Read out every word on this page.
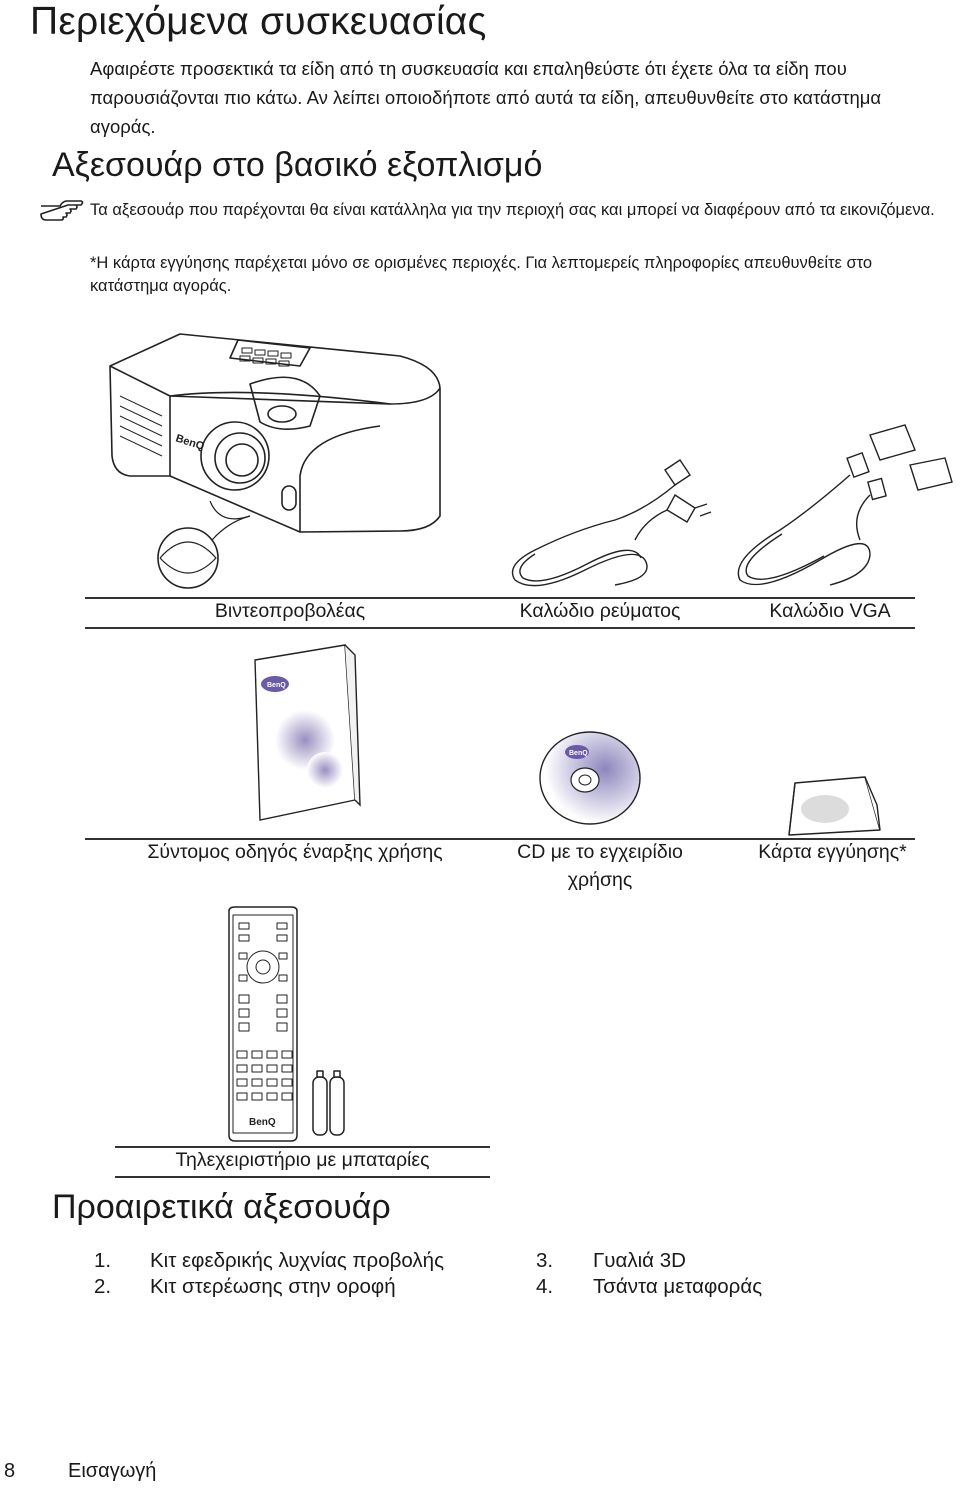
Περιεχόμενα συσκευασίας
Αφαιρέστε προσεκτικά τα είδη από τη συσκευασία και επαληθεύστε ότι έχετε όλα τα είδη που παρουσιάζονται πιο κάτω. Αν λείπει οποιοδήποτε από αυτά τα είδη, απευθυνθείτε στο κατάστημα αγοράς.
Αξεσουάρ στο βασικό εξοπλισμό
Τα αξεσουάρ που παρέχονται θα είναι κατάλληλα για την περιοχή σας και μπορεί να διαφέρουν από τα εικονιζόμενα.
*Η κάρτα εγγύησης παρέχεται μόνο σε ορισμένες περιοχές. Για λεπτομερείς πληροφορίες απευθυνθείτε στο κατάστημα αγοράς.
BenQ
Βιντεοπροβολέας	Καλώδιο ρεύματος	Καλώδιο VGA
BenQ
BenQ
Σύντομος οδηγός έναρξης χρήσης	CD με το εγχειρίδιο χρήσης
Κάρτα εγγύησης*
BenQ
Τηλεχειριστήριο με μπαταρίες
Προαιρετικά αξεσουάρ
1. Κιτ εφεδρικής λυχνίας προβολής
2. Κιτ στερέωσης στην οροφή
3. Γυαλιά 3D
4. Τσάντα μεταφοράς
8	Εισαγωγή
